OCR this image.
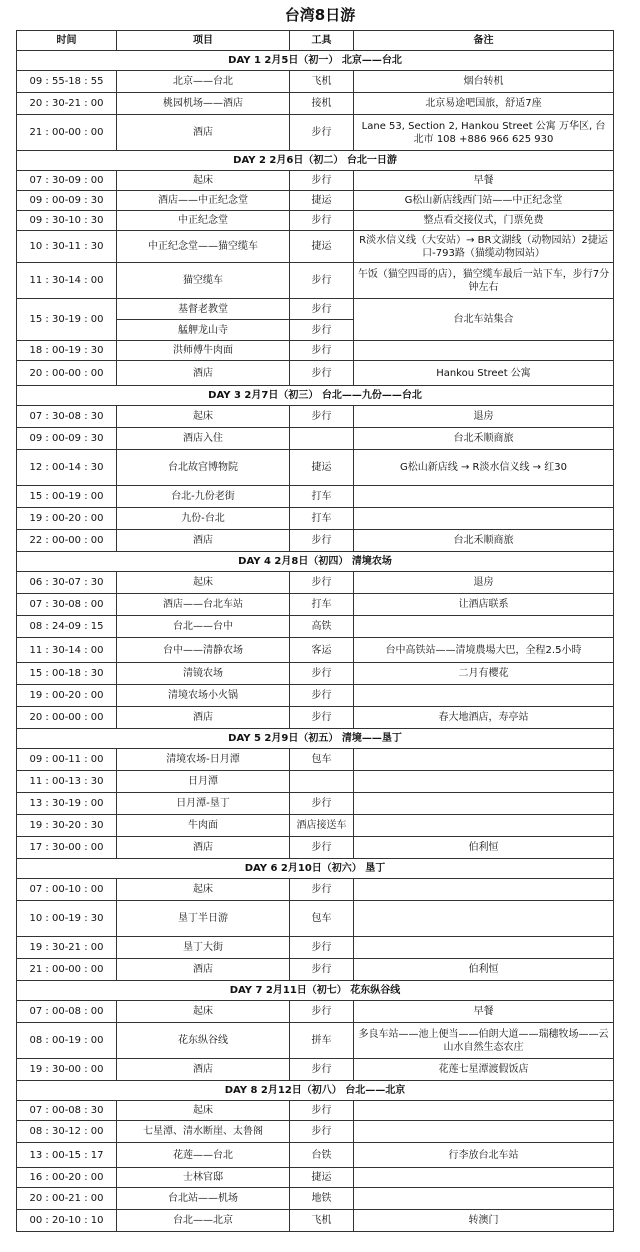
台湾8日游
时间	项目	工具	备注
DAY 1 2月5日（初一） 北京——台北			
09 : 55-18 : 55	北京——台北	飞机	烟台转机
20 : 30-21 : 00	桃园机场——酒店	接机	北京易途吧国旅，舒适7座
21 : 00-00 : 00	酒店	步行	Lane 53, Section 2, Hankou Street 公寓 万华区, 台北市 108 +886 966 625 930
DAY 2 2月6日（初二） 台北一日游			
07 : 30-09 : 00	起床	步行	早餐
09 : 00-09 : 30	酒店——中正纪念堂	捷运	G松山新店线西门站——中正纪念堂
09 : 30-10 : 30	中正纪念堂	步行	整点看交接仪式，门票免费
10 : 30-11 : 30	中正纪念堂——猫空缆车	捷运	R淡水信义线（大安站）→ BR文湖线（动物园站）2捷运口-793路（猫缆动物园站）
11 : 30-14 : 00	猫空缆车	步行	午饭（猫空四哥的店），猫空缆车最后一站下车，步行7分钟左右
15 : 30-19 : 00	基督老教堂	步行	台北车站集合
	艋舺龙山寺	步行	
18 : 00-19 : 30	洪师傅牛肉面	步行	
20 : 00-00 : 00	酒店	步行	Hankou Street 公寓
DAY 3 2月7日（初三） 台北——九份——台北			
07 : 30-08 : 30	起床	步行	退房
09 : 00-09 : 30	酒店入住		台北禾顺商旅
12 : 00-14 : 30	台北故宫博物院	捷运	G松山新店线 → R淡水信义线 → 红30
15 : 00-19 : 00	台北-九份老街	打车	
19 : 00-20 : 00	九份-台北	打车	
22 : 00-00 : 00	酒店	步行	台北禾顺商旅
DAY 4 2月8日（初四） 清境农场			
06 : 30-07 : 30	起床	步行	退房
07 : 30-08 : 00	酒店——台北车站	打车	让酒店联系
08 : 24-09 : 15	台北——台中	高铁	
11 : 30-14 : 00	台中——清静农场	客运	台中高铁站——清境農場大巴，全程2.5小時
15 : 00-18 : 30	清镜农场	步行	二月有樱花
19 : 00-20 : 00	清境农场小火锅	步行	
20 : 00-00 : 00	酒店	步行	春大地酒店，寿亭站
DAY 5 2月9日（初五） 清境——垦丁			
09 : 00-11 : 00	清境农场-日月潭	包车	
11 : 00-13 : 30	日月潭		
13 : 30-19 : 00	日月潭-垦丁	步行	
19 : 30-20 : 30	牛肉面	酒店接送车	
17 : 30-00 : 00	酒店	步行	伯利恒
DAY 6 2月10日（初六） 垦丁			
07 : 00-10 : 00	起床	步行	
10 : 00-19 : 30	垦丁半日游	包车	
19 : 30-21 : 00	垦丁大街	步行	
21 : 00-00 : 00	酒店	步行	伯利恒
DAY 7 2月11日（初七） 花东纵谷线			
07 : 00-08 : 00	起床	步行	早餐
08 : 00-19 : 00	花东纵谷线	拼车	多良车站——池上便当——伯朗大道——瑞穗牧场——云山水自然生态农庄
19 : 30-00 : 00	酒店	步行	花莲七星潭渡假饭店
DAY 8 2月12日（初八） 台北——北京			
07 : 00-08 : 30	起床	步行	
08 : 30-12 : 00	七星潭、清水断崖、太鲁阁	步行	
13 : 00-15 : 17	花莲——台北	台铁	行李放台北车站
16 : 00-20 : 00	士林官邸	捷运	
20 : 00-21 : 00	台北站——机场	地铁	
00 : 20-10 : 10	台北——北京	飞机	转澳门
